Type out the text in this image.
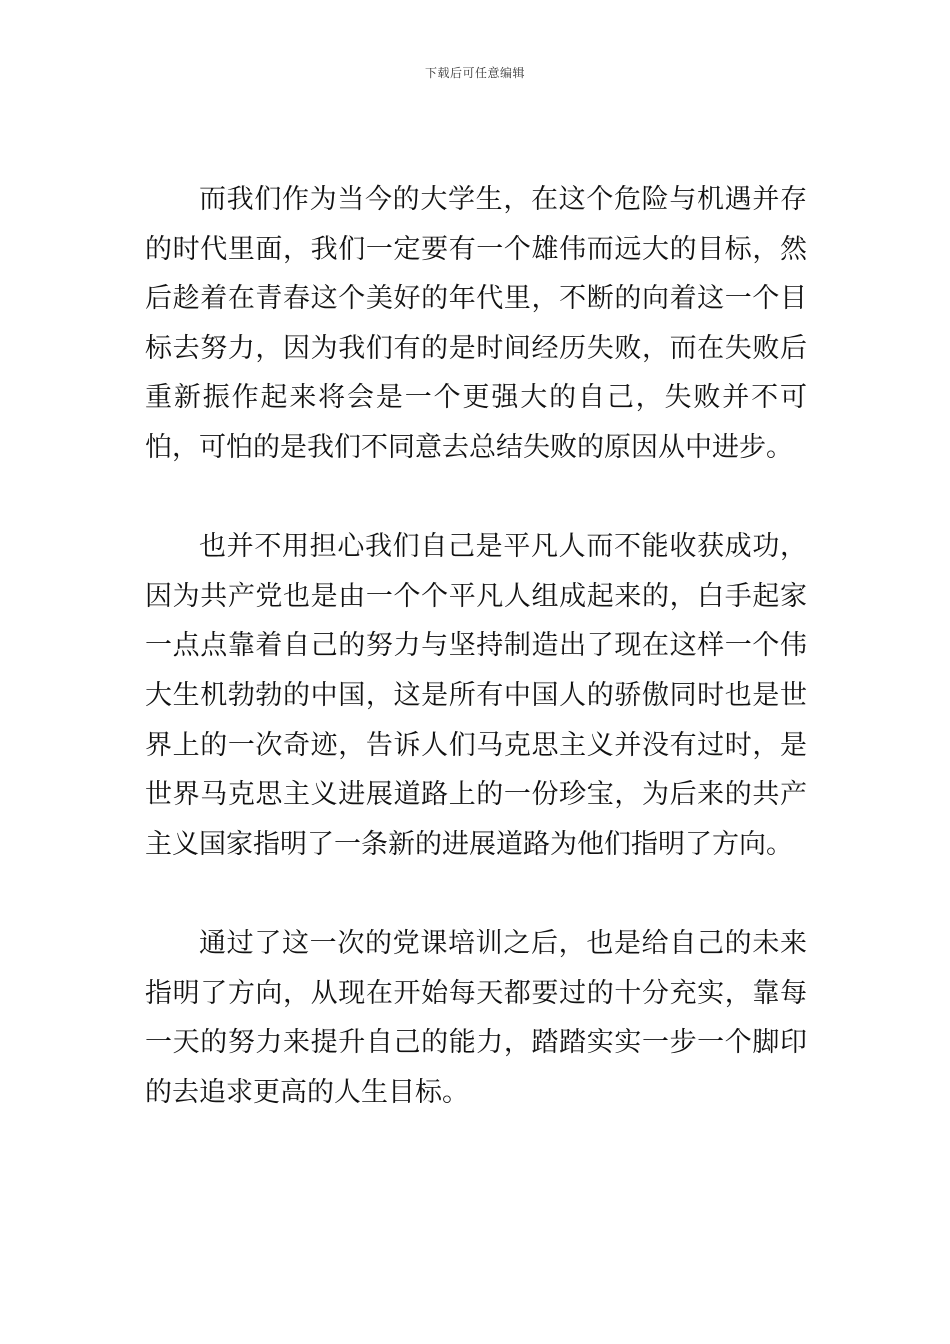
下载后可任意编辑

而我们作为当今的大学生，在这个危险与机遇并存的时代里面，我们一定要有一个雄伟而远大的目标，然后趁着在青春这个美好的年代里，不断的向着这一个目标去努力，因为我们有的是时间经历失败，而在失败后重新振作起来将会是一个更强大的自己，失败并不可怕，可怕的是我们不同意去总结失败的原因从中进步。

也并不用担心我们自己是平凡人而不能收获成功，因为共产党也是由一个个平凡人组成起来的，白手起家一点点靠着自己的努力与坚持制造出了现在这样一个伟大生机勃勃的中国，这是所有中国人的骄傲同时也是世界上的一次奇迹，告诉人们马克思主义并没有过时，是世界马克思主义进展道路上的一份珍宝，为后来的共产主义国家指明了一条新的进展道路为他们指明了方向。

通过了这一次的党课培训之后，也是给自己的未来指明了方向，从现在开始每天都要过的十分充实，靠每一天的努力来提升自己的能力，踏踏实实一步一个脚印的去追求更高的人生目标。
